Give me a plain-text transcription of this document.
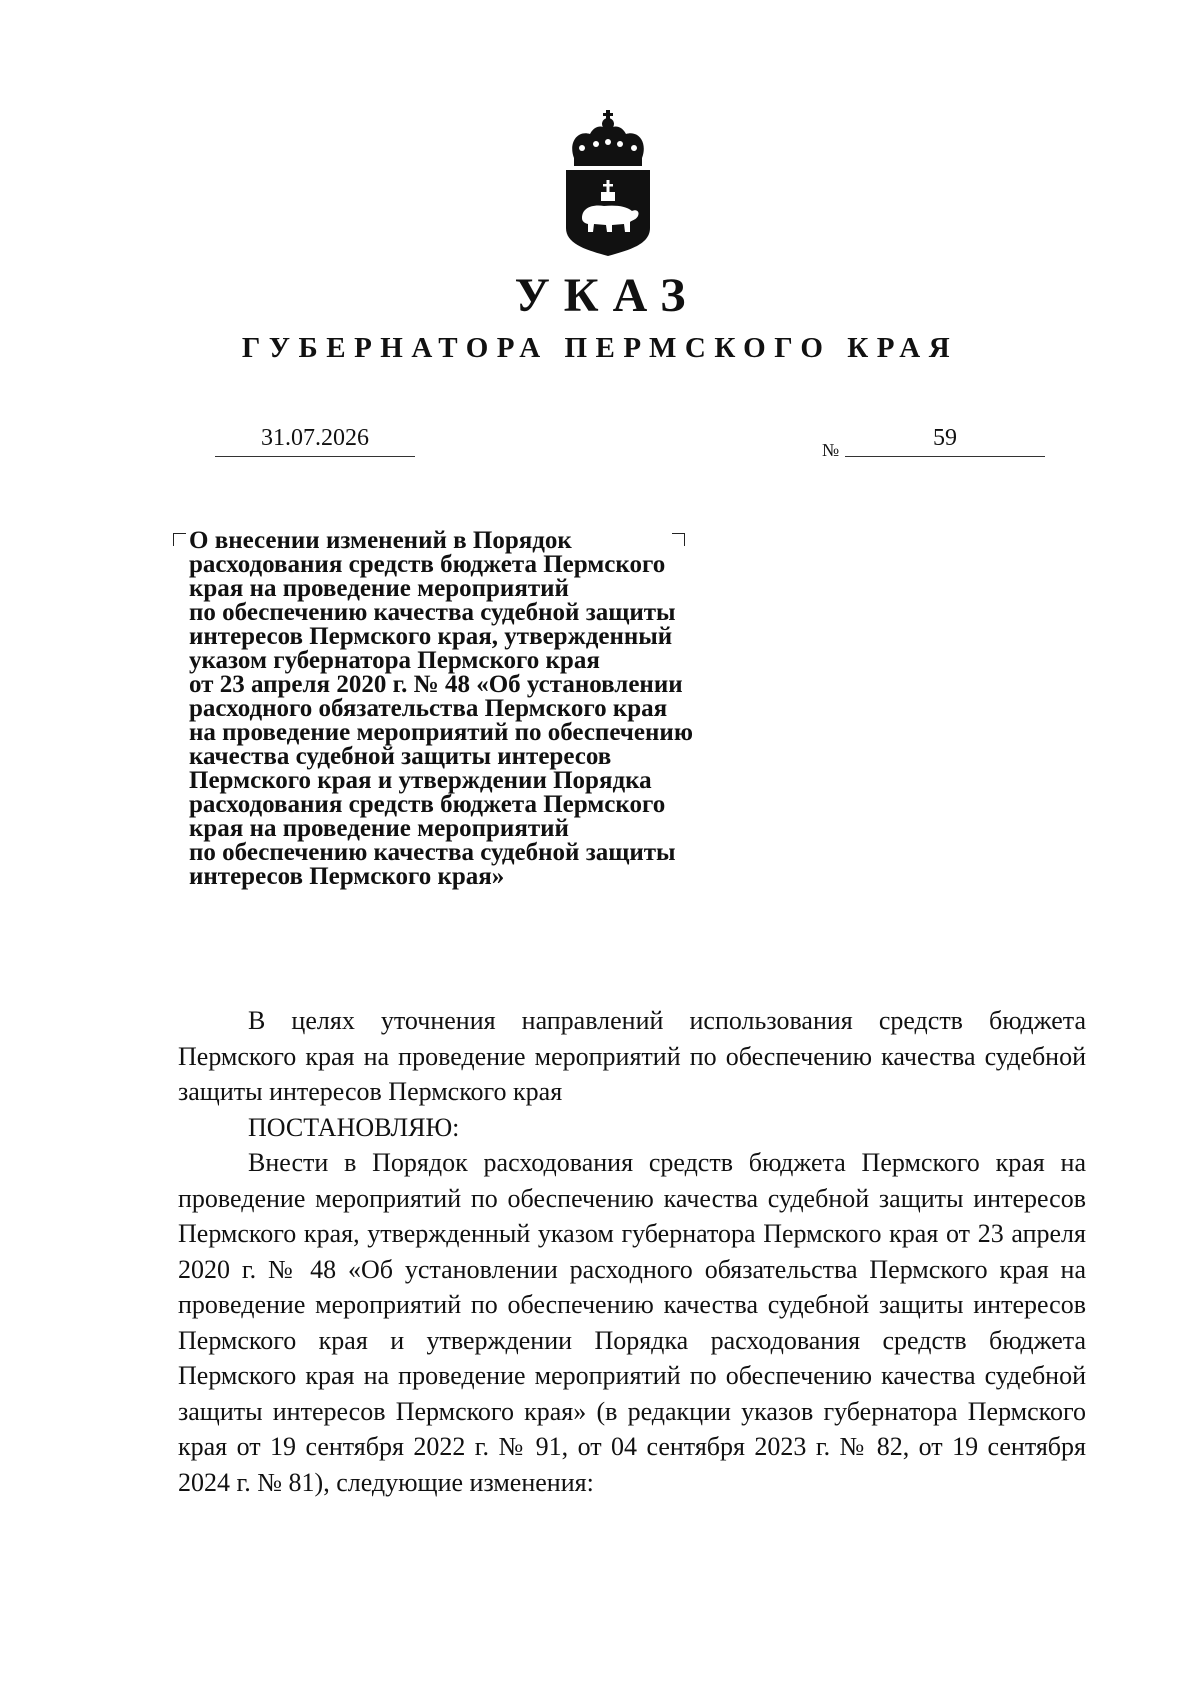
УКАЗ
ГУБЕРНАТОРА ПЕРМСКОГО КРАЯ
31.07.2026	№	59
О внесении изменений в Порядок
расходования средств бюджета Пермского
края на проведение мероприятий
по обеспечению качества судебной защиты
интересов Пермского края, утвержденный
указом губернатора Пермского края
от 23 апреля 2020 г. № 48 «Об установлении
расходного обязательства Пермского края
на проведение мероприятий по обеспечению
качества судебной защиты интересов
Пермского края и утверждении Порядка
расходования средств бюджета Пермского
края на проведение мероприятий
по обеспечению качества судебной защиты
интересов Пермского края»

В целях уточнения направлений использования средств бюджета Пермского края на проведение мероприятий по обеспечению качества судебной защиты интересов Пермского края

ПОСТАНОВЛЯЮ:

Внести в Порядок расходования средств бюджета Пермского края на проведение мероприятий по обеспечению качества судебной защиты интересов Пермского края, утвержденный указом губернатора Пермского края от 23 апреля 2020 г. № 48 «Об установлении расходного обязательства Пермского края на проведение мероприятий по обеспечению качества судебной защиты интересов Пермского края и утверждении Порядка расходования средств бюджета Пермского края на проведение мероприятий по обеспечению качества судебной защиты интересов Пермского края» (в редакции указов губернатора Пермского края от 19 сентября 2022 г. № 91, от 04 сентября 2023 г. № 82, от 19 сентября 2024 г. № 81), следующие изменения:
